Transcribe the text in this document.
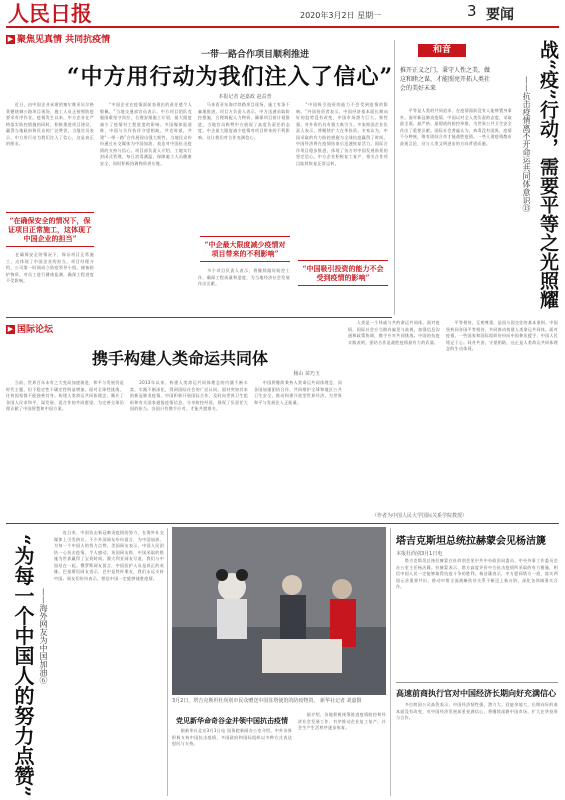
人民日报	2020年3月2日 星期一	3 要闻
▶ 聚焦见真情 共同抗疫情
一带一路合作项目顺利推进
“中方用行动为我们注入了信心”
本报记者 赵嘉政 赵益普
　　近日，由中国企业承建的塞尔维亚贝尔格莱德绕城公路项目现场，施工人员正按照防疫要求有序作业。疫情发生以来，中方企业在严格落实防控措施的同时，积极推进项目建设，赢得当地政府和民众的广泛赞誉。当地官员表示，中方用行动为我们注入了信心，这是真正的朋友。
“在确保安全的情况下，保证项目正常施工，这体现了中国企业的担当”
　　在确保安全的情况下，保证项目正常施工，这体现了中国企业的担当。项目经理介绍，公司第一时间成立防疫领导小组，储备防护物资，对员工进行健康监测，确保工程进度不受影响。
　　“中国企业在疫情面前表现出的责任感令人敬佩。”当地交通部官员表示，中方项目团队克服困难坚守岗位，合理安排施工计划，最大限度减少了疫情对工程进度的影响。多国媒体报道称，中国与合作伙伴守望相助、共克时艰，共建“一带一路”合作展现出强大韧性。当地民众纷纷通过社交媒体为中国加油，表达对中国抗击疫情的支持与信心。项目部负责人介绍，工地实行封闭式管理，每日消毒测温，保障施工人员健康安全，同时积极协调物资供应链。
　　马来西亚东海岸铁路项目现场，施工有条不紊地推进。项目方负责人表示，中方迅速采取防控措施，合理调配人力物资，确保项目按计划推进。当地官员称赞中方展现了高度负责任的态度，中企最大限度减少疫情对项目带来的不利影响，这让我们对合作充满信心。
“中企最大限度减少疫情对项目带来的不利影响”
　　多个项目负责人表示，将继续做好防控工作，确保工程质量和进度，为当地经济社会发展作出贡献。
　　“中国吸引投资的能力不会受到疫情的影响。”外国投资者表示，中国经济基本面长期向好的趋势没有改变，中国市场潜力巨大、韧性强，对外资仍具有强大吸引力。多家跨国企业负责人表示，将继续扩大在华投资。专家认为，中国采取的有力防控措施为全球抗疫赢得了时间，中国经济将在疫情结束后迅速恢复活力。国际合作项目稳步推进，体现了各方对中国发展前景的坚定信心。中方企业积极复工复产，相关合作项目陆续恢复正常运转。
“中国吸引投资的能力不会受到疫情的影响”
和音
推开正义之门，秉守人性之美，做这和睦之谋，才能照亮开拓人类社会的美好未来	战“疫”行动，需要平等之光照耀
——抗击疫情离不开命运共同体意识⑬
　　平等是人类的共同追求，在疫情面前没有人能够置身事外。面对新冠肺炎疫情，中国以对全人类负责的态度，采取最全面、最严格、最彻底的防控举措，为世界公共卫生安全作出了重要贡献。国际社会普遍认为，病毒没有国界，疫情不分种族，唯有团结合作才能战胜疫情。一些人借疫情散布歧视言论，这与人类文明进步的方向背道而驰。
▶ 国际论坛
携手构建人类命运共同体
杨山 苗巧玉
　　当前，世界百年未有之大变局加速演进，和平与发展仍是时代主题，但不稳定性不确定性明显增加。面对全球性挑战，任何国家都不能独善其身。构建人类命运共同体理念，顺应了各国人民求和平、谋发展、促合作的共同愿望，为完善全球治理贡献了中国智慧和中国方案。
　　2013年以来，构建人类命运共同体理念的内涵不断丰富，实践不断深化，得到国际社会的广泛认同。面对突如其来的新冠肺炎疫情，中国积极开展国际合作，及时向世界卫生组织和有关国家通报疫情信息，分享防控经验，展现了负责任大国的担当。各国只有携手应对，才能共渡难关。
　　中国将继续秉持人类命运共同体理念，同各国加强团结合作，共同维护全球和地区公共卫生安全，推动构建开放型世界经济，为世界和平与发展注入正能量。
　　人类是一个休戚与共的命运共同体。面对疫情，国际社会应当摒弃偏见与歧视，加强信息沟通和政策协调，携手应对共同挑战。中国的抗疫实践表明，团结合作是战胜疫情最有力的武器。
　　平等相待、互相尊重，是国与国交往的基本准则。中国坚持同各国平等相待，共同推动构建人类命运共同体。面对疫情，一些国家和国际组织纷纷向中国伸出援手，中国人民铭记于心。同舟共济、守望相助，这正是人类命运共同体理念的生动体现。
（作者为中国人民大学国际关系学院教授）
“为每一个中国人的努力点赞” ——海外网友为中国加油⑥
　　连日来，中国抗击新冠肺炎疫情的努力，在海外社交媒体上引发热议。不少外国网友纷纷留言，为中国加油，为每一个中国人的努力点赞。美国网友表示，中国人民团结一心抗击疫情，令人感动。英国网友称，中国采取的措施为世界赢得了宝贵时间。澳大利亚网友写道，我们与中国站在一起。俄罗斯网友留言，中国医护人员是真正的英雄。巴基斯坦网友表示，巴中是铁杆朋友，我们永远支持中国。网友们纷纷表示，相信中国一定能够战胜疫情。
3月2日，塔吉克斯坦杜尚别市民众赠送中国驻塔使馆的防疫物资。 新华社记者 刘嘉摄
党见新华命奇谷金并领中国抗击疫情
　　据新华社北京3月1日电 国务院新闻办公室介绍，中外各界积极支持中国抗击疫情，多国政府和国际组织以多种方式表达慰问与支持。
　　据介绍，各地积极统筹推进疫情防控和经济社会发展工作，有序推动企业复工复产，社会生产生活秩序逐步恢复。
塔吉克斯坦总统拉赫蒙会见杨洁篪
本报杜尚别3月1日电
　　塔吉克斯坦总统拉赫蒙在杜尚别会见中共中央政治局委员、中央外事工作委员会办公室主任杨洁篪。拉赫蒙表示，塔方高度评价中方抗击疫情所采取的有力措施，相信中国人民一定能够取得抗疫斗争的胜利。杨洁篪表示，中方愿同塔方一道，落实两国元首重要共识，推动中塔全面战略伙伴关系不断迈上新台阶，深化各领域务实合作。
高速前商执行官对中国经济长期向好充满信心
　　多位跨国公司高管表示，中国经济韧性强、潜力大、回旋余地大，长期向好的基本面没有改变，对中国经济发展前景充满信心，将继续深耕中国市场，扩大在华投资与合作。
